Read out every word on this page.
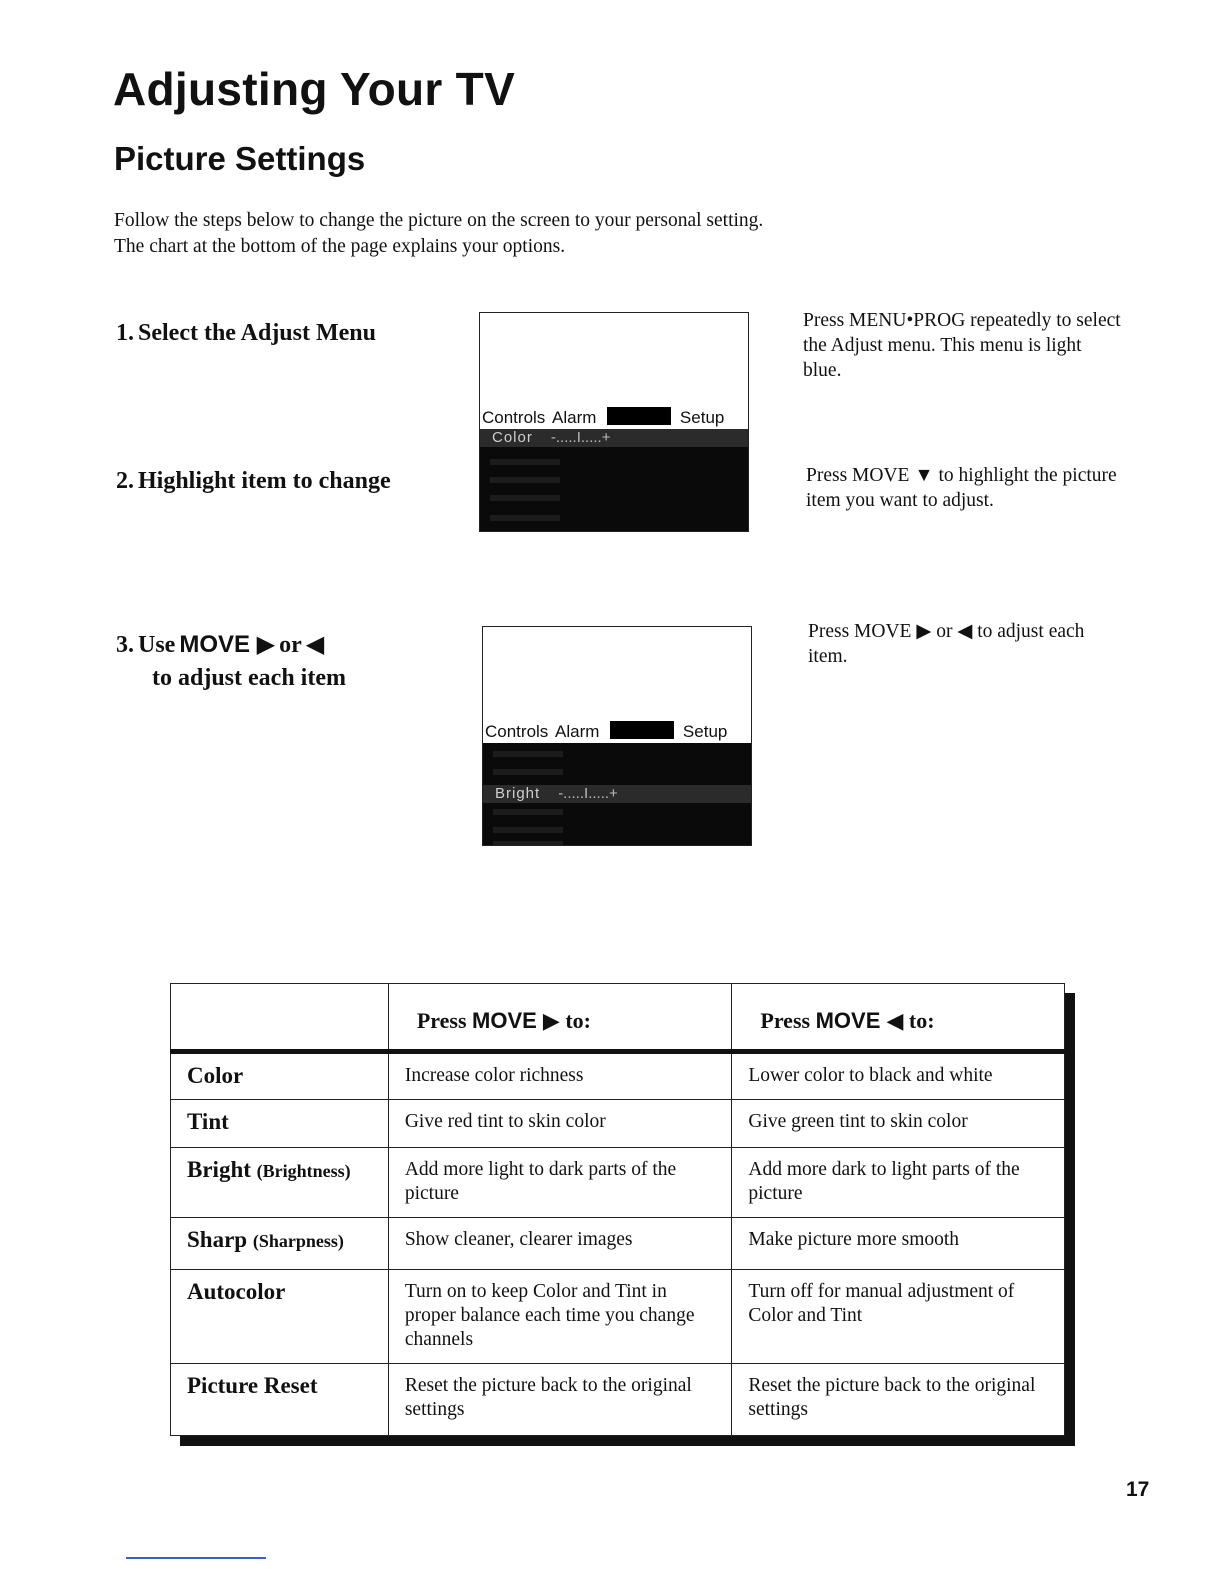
Adjusting Your TV
Picture Settings
Follow the steps below to change the picture on the screen to your personal setting. The chart at the bottom of the page explains your options.
1. Select the Adjust Menu	Press MENU•PROG repeatedly to select the Adjust menu. This menu is light blue.
2. Highlight item to change	Press MOVE ▼ to highlight the picture item you want to adjust.
3. Use MOVE ▶ or ◀
to adjust each item
Press MOVE ▶ or ◀ to adjust each item.
Controls Alarm	Setup
Color -.....I.....+
Controls Alarm	Setup
Bright -.....I.....+
	Press MOVE ▶ to:	Press MOVE ◀ to:
Color	Increase color richness	Lower color to black and white
Tint	Give red tint to skin color	Give green tint to skin color
Bright (Brightness)	Add more light to dark parts of the picture	Add more dark to light parts of the picture
Sharp (Sharpness)	Show cleaner, clearer images	Make picture more smooth
Autocolor	Turn on to keep Color and Tint in proper balance each time you change channels	Turn off for manual adjustment of Color and Tint
Picture Reset	Reset the picture back to the original settings	Reset the picture back to the original settings
17
